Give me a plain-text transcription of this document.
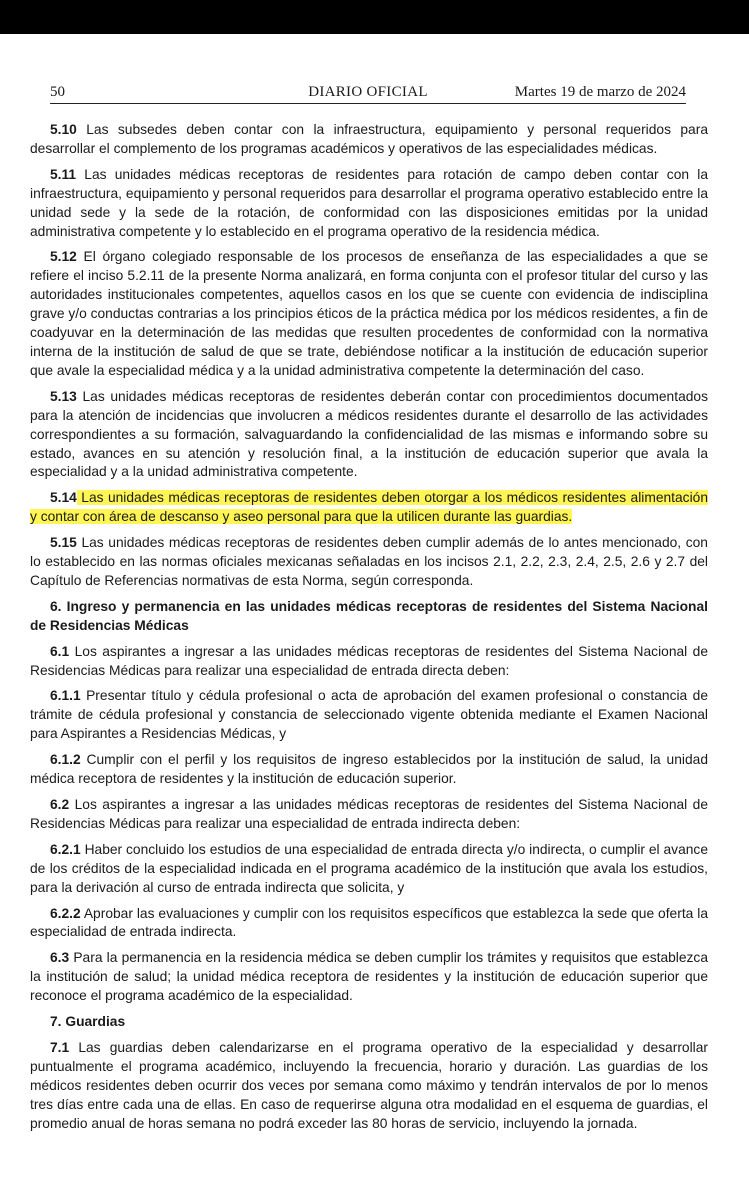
50	DIARIO OFICIAL	Martes 19 de marzo de 2024

5.10 Las subsedes deben contar con la infraestructura, equipamiento y personal requeridos para desarrollar el complemento de los programas académicos y operativos de las especialidades médicas.

5.11 Las unidades médicas receptoras de residentes para rotación de campo deben contar con la infraestructura, equipamiento y personal requeridos para desarrollar el programa operativo establecido entre la unidad sede y la sede de la rotación, de conformidad con las disposiciones emitidas por la unidad administrativa competente y lo establecido en el programa operativo de la residencia médica.

5.12 El órgano colegiado responsable de los procesos de enseñanza de las especialidades a que se refiere el inciso 5.2.11 de la presente Norma analizará, en forma conjunta con el profesor titular del curso y las autoridades institucionales competentes, aquellos casos en los que se cuente con evidencia de indisciplina grave y/o conductas contrarias a los principios éticos de la práctica médica por los médicos residentes, a fin de coadyuvar en la determinación de las medidas que resulten procedentes de conformidad con la normativa interna de la institución de salud de que se trate, debiéndose notificar a la institución de educación superior que avale la especialidad médica y a la unidad administrativa competente la determinación del caso.

5.13 Las unidades médicas receptoras de residentes deberán contar con procedimientos documentados para la atención de incidencias que involucren a médicos residentes durante el desarrollo de las actividades correspondientes a su formación, salvaguardando la confidencialidad de las mismas e informando sobre su estado, avances en su atención y resolución final, a la institución de educación superior que avala la especialidad y a la unidad administrativa competente.

5.14 Las unidades médicas receptoras de residentes deben otorgar a los médicos residentes alimentación y contar con área de descanso y aseo personal para que la utilicen durante las guardias.

5.15 Las unidades médicas receptoras de residentes deben cumplir además de lo antes mencionado, con lo establecido en las normas oficiales mexicanas señaladas en los incisos 2.1, 2.2, 2.3, 2.4, 2.5, 2.6 y 2.7 del Capítulo de Referencias normativas de esta Norma, según corresponda.

6. Ingreso y permanencia en las unidades médicas receptoras de residentes del Sistema Nacional de Residencias Médicas

6.1 Los aspirantes a ingresar a las unidades médicas receptoras de residentes del Sistema Nacional de Residencias Médicas para realizar una especialidad de entrada directa deben:

6.1.1 Presentar título y cédula profesional o acta de aprobación del examen profesional o constancia de trámite de cédula profesional y constancia de seleccionado vigente obtenida mediante el Examen Nacional para Aspirantes a Residencias Médicas, y

6.1.2 Cumplir con el perfil y los requisitos de ingreso establecidos por la institución de salud, la unidad médica receptora de residentes y la institución de educación superior.

6.2 Los aspirantes a ingresar a las unidades médicas receptoras de residentes del Sistema Nacional de Residencias Médicas para realizar una especialidad de entrada indirecta deben:

6.2.1 Haber concluido los estudios de una especialidad de entrada directa y/o indirecta, o cumplir el avance de los créditos de la especialidad indicada en el programa académico de la institución que avala los estudios, para la derivación al curso de entrada indirecta que solicita, y

6.2.2 Aprobar las evaluaciones y cumplir con los requisitos específicos que establezca la sede que oferta la especialidad de entrada indirecta.

6.3 Para la permanencia en la residencia médica se deben cumplir los trámites y requisitos que establezca la institución de salud; la unidad médica receptora de residentes y la institución de educación superior que reconoce el programa académico de la especialidad.

7. Guardias

7.1 Las guardias deben calendarizarse en el programa operativo de la especialidad y desarrollar puntualmente el programa académico, incluyendo la frecuencia, horario y duración. Las guardias de los médicos residentes deben ocurrir dos veces por semana como máximo y tendrán intervalos de por lo menos tres días entre cada una de ellas. En caso de requerirse alguna otra modalidad en el esquema de guardias, el promedio anual de horas semana no podrá exceder las 80 horas de servicio, incluyendo la jornada.
